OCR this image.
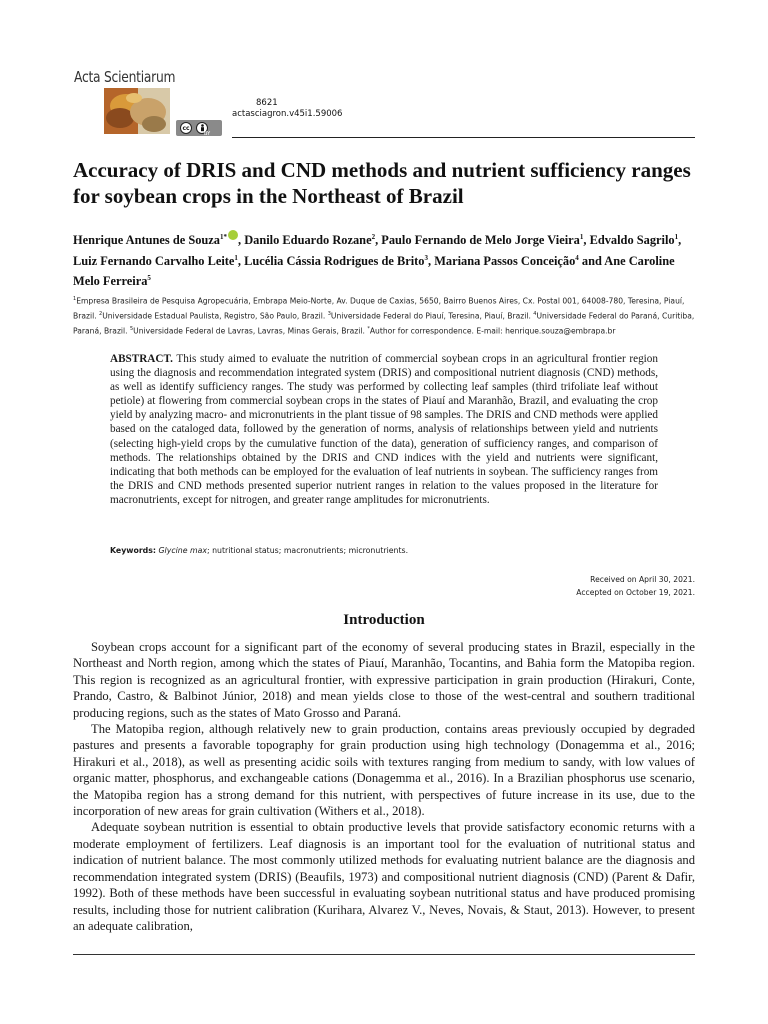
Acta Scientiarum
8621
actasciagron.v45i1.59006
cc
BY
Accuracy of DRIS and CND methods and nutrient sufficiency ranges for soybean crops in the Northeast of Brazil
Henrique Antunes de Souza$^{1*}$ , Danilo Eduardo Rozane$^2$, Paulo Fernando de Melo Jorge Vieira$^1$, Edvaldo Sagrilo$^1$, Luiz Fernando Carvalho Leite$^1$, Lucélia Cássia Rodrigues de Brito$^3$, Mariana Passos Conceição$^4$ and Ane Caroline Melo Ferreira$^5$
$^1$Empresa Brasileira de Pesquisa Agropecuária, Embrapa Meio-Norte, Av. Duque de Caxias, 5650, Bairro Buenos Aires, Cx. Postal 001, 64008-780, Teresina, Piauí, Brazil. $^2$Universidade Estadual Paulista, Registro, São Paulo, Brazil. $^3$Universidade Federal do Piauí, Teresina, Piauí, Brazil. $^4$Universidade Federal do Paraná, Curitiba, Paraná, Brazil. $^5$Universidade Federal de Lavras, Lavras, Minas Gerais, Brazil. *Author for correspondence. E-mail: henrique.souza@embrapa.br
ABSTRACT. This study aimed to evaluate the nutrition of commercial soybean crops in an agricultural frontier region using the diagnosis and recommendation integrated system (DRIS) and compositional nutrient diagnosis (CND) methods, as well as identify sufficiency ranges. The study was performed by collecting leaf samples (third trifoliate leaf without petiole) at flowering from commercial soybean crops in the states of Piauí and Maranhão, Brazil, and evaluating the crop yield by analyzing macro- and micronutrients in the plant tissue of 98 samples. The DRIS and CND methods were applied based on the cataloged data, followed by the generation of norms, analysis of relationships between yield and nutrients (selecting high-yield crops by the cumulative function of the data), generation of sufficiency ranges, and comparison of methods. The relationships obtained by the DRIS and CND indices with the yield and nutrients were significant, indicating that both methods can be employed for the evaluation of leaf nutrients in soybean. The sufficiency ranges from the DRIS and CND methods presented superior nutrient ranges in relation to the values proposed in the literature for macronutrients, except for nitrogen, and greater range amplitudes for micronutrients.
Keywords: Glycine max; nutritional status; macronutrients; micronutrients.
Received on April 30, 2021.
Accepted on October 19, 2021.
Introduction

Soybean crops account for a significant part of the economy of several producing states in Brazil, especially in the Northeast and North region, among which the states of Piauí, Maranhão, Tocantins, and Bahia form the Matopiba region. This region is recognized as an agricultural frontier, with expressive participation in grain production (Hirakuri, Conte, Prando, Castro, & Balbinot Júnior, 2018) and mean yields close to those of the west-central and southern traditional producing regions, such as the states of Mato Grosso and Paraná.

The Matopiba region, although relatively new to grain production, contains areas previously occupied by degraded pastures and presents a favorable topography for grain production using high technology (Donagemma et al., 2016; Hirakuri et al., 2018), as well as presenting acidic soils with textures ranging from medium to sandy, with low values of organic matter, phosphorus, and exchangeable cations (Donagemma et al., 2016). In a Brazilian phosphorus use scenario, the Matopiba region has a strong demand for this nutrient, with perspectives of future increase in its use, due to the incorporation of new areas for grain cultivation (Withers et al., 2018).

Adequate soybean nutrition is essential to obtain productive levels that provide satisfactory economic returns with a moderate employment of fertilizers. Leaf diagnosis is an important tool for the evaluation of nutritional status and indication of nutrient balance. The most commonly utilized methods for evaluating nutrient balance are the diagnosis and recommendation integrated system (DRIS) (Beaufils, 1973) and compositional nutrient diagnosis (CND) (Parent & Dafir, 1992). Both of these methods have been successful in evaluating soybean nutritional status and have produced promising results, including those for nutrient calibration (Kurihara, Alvarez V., Neves, Novais, & Staut, 2013). However, to present an adequate calibration,
